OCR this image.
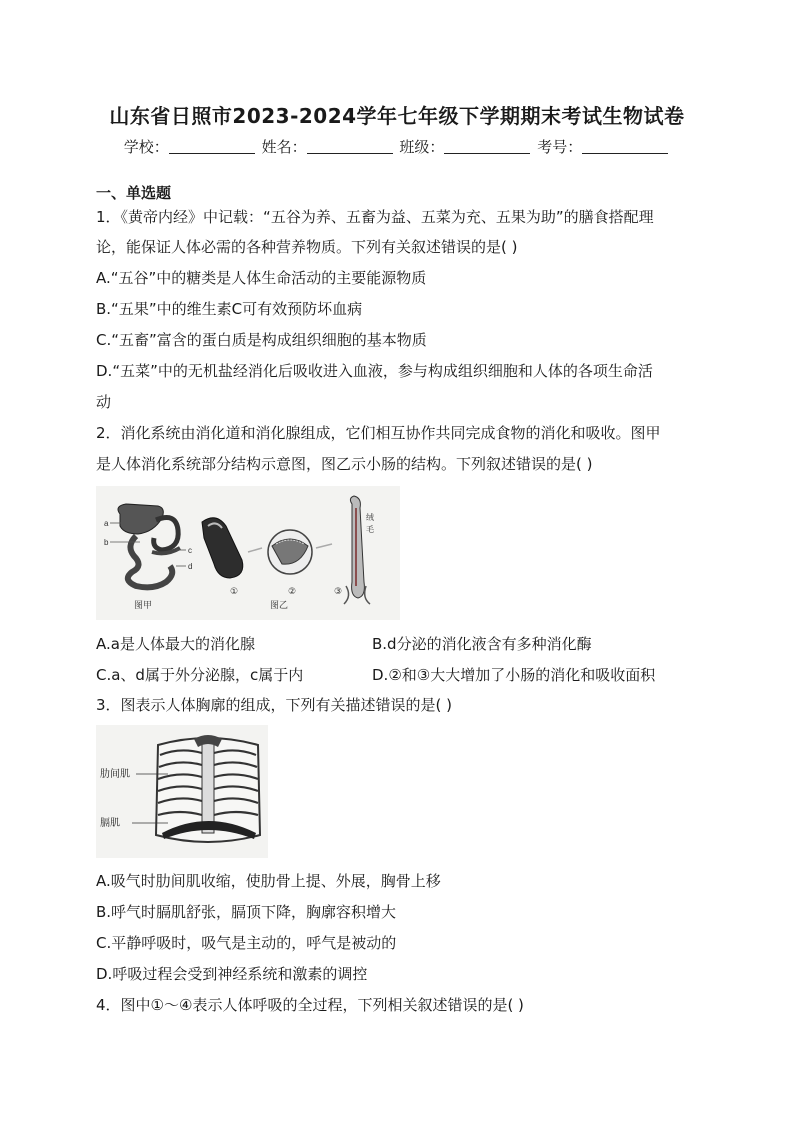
山东省日照市2023-2024学年七年级下学期期末考试生物试卷
学校：	姓名：	班级：	考号：
一、单选题
1．《黄帝内经》中记载：“五谷为养、五畜为益、五菜为充、五果为助”的膳食搭配理
论，能保证人体必需的各种营养物质。下列有关叙述错误的是( )
A.“五谷”中的糖类是人体生命活动的主要能源物质
B.“五果”中的维生素C可有效预防坏血病
C.“五畜”富含的蛋白质是构成组织细胞的基本物质
D.“五菜”中的无机盐经消化后吸收进入血液，参与构成组织细胞和人体的各项生命活
动
2．消化系统由消化道和消化腺组成，它们相互协作共同完成食物的消化和吸收。图甲
是人体消化系统部分结构示意图，图乙示小肠的结构。下列叙述错误的是( )
a
b
c
d
图甲
绒
毛
①	②	③
图乙
A.a是人体最大的消化腺	B.d分泌的消化液含有多种消化酶
C.a、d属于外分泌腺，c属于内	D.②和③大大增加了小肠的消化和吸收面积
3．图表示人体胸廓的组成，下列有关描述错误的是( )
肋间肌
膈肌
A.吸气时肋间肌收缩，使肋骨上提、外展，胸骨上移
B.呼气时膈肌舒张，膈顶下降，胸廓容积增大
C.平静呼吸时，吸气是主动的，呼气是被动的
D.呼吸过程会受到神经系统和激素的调控
4．图中①～④表示人体呼吸的全过程，下列相关叙述错误的是( )
